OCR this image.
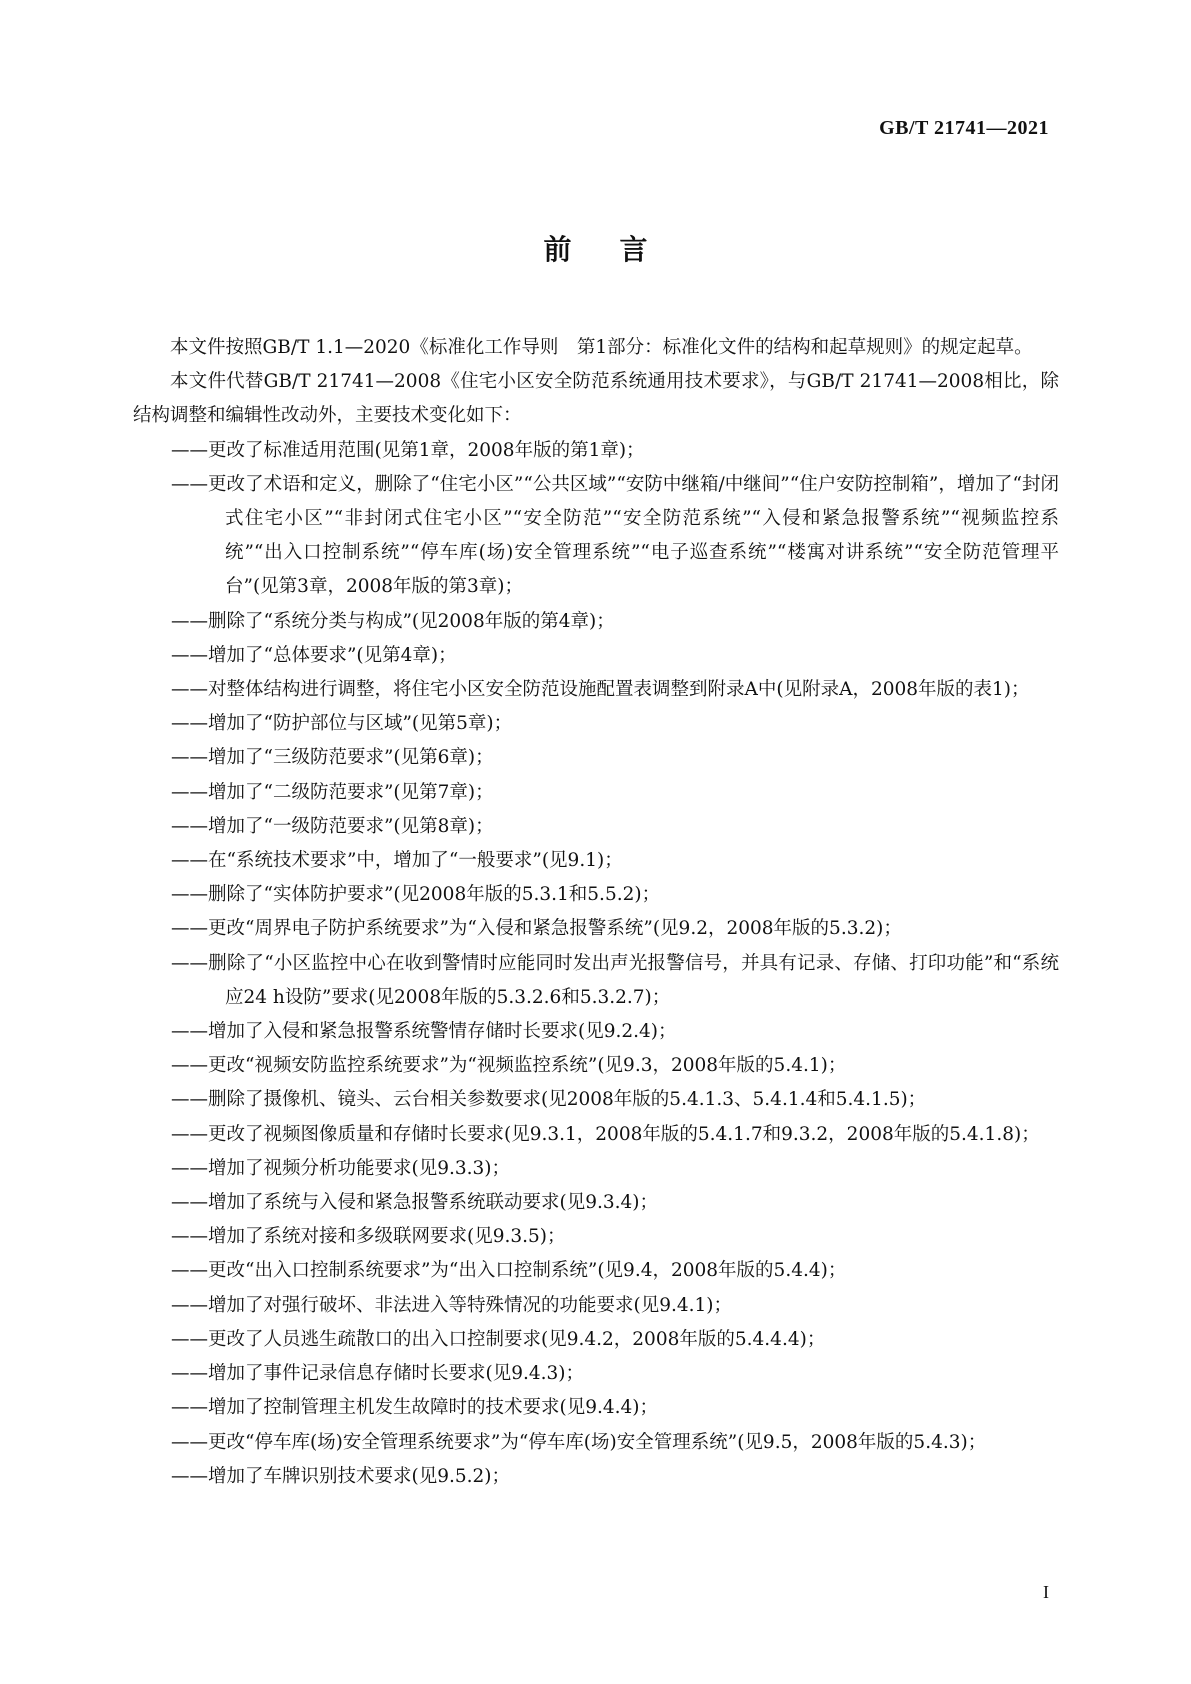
GB/T 21741—2021
前言

本文件按照GB/T 1.1—2020《标准化工作导则　第1部分：标准化文件的结构和起草规则》的规定起草。

本文件代替GB/T 21741—2008《住宅小区安全防范系统通用技术要求》，与GB/T 21741—2008相比，除结构调整和编辑性改动外，主要技术变化如下：

——更改了标准适用范围(见第1章，2008年版的第1章)；
——更改了术语和定义，删除了“住宅小区”“公共区域”“安防中继箱/中继间”“住户安防控制箱”，增加了“封闭式住宅小区”“非封闭式住宅小区”“安全防范”“安全防范系统”“入侵和紧急报警系统”“视频监控系统”“出入口控制系统”“停车库(场)安全管理系统”“电子巡查系统”“楼寓对讲系统”“安全防范管理平台”(见第3章，2008年版的第3章)；
——删除了“系统分类与构成”(见2008年版的第4章)；
——增加了“总体要求”(见第4章)；
——对整体结构进行调整，将住宅小区安全防范设施配置表调整到附录A中(见附录A，2008年版的表1)；
——增加了“防护部位与区域”(见第5章)；
——增加了“三级防范要求”(见第6章)；
——增加了“二级防范要求”(见第7章)；
——增加了“一级防范要求”(见第8章)；
——在“系统技术要求”中，增加了“一般要求”(见9.1)；
——删除了“实体防护要求”(见2008年版的5.3.1和5.5.2)；
——更改“周界电子防护系统要求”为“入侵和紧急报警系统”(见9.2，2008年版的5.3.2)；
——删除了“小区监控中心在收到警情时应能同时发出声光报警信号，并具有记录、存储、打印功能”和“系统应24 h设防”要求(见2008年版的5.3.2.6和5.3.2.7)；
——增加了入侵和紧急报警系统警情存储时长要求(见9.2.4)；
——更改“视频安防监控系统要求”为“视频监控系统”(见9.3，2008年版的5.4.1)；
——删除了摄像机、镜头、云台相关参数要求(见2008年版的5.4.1.3、5.4.1.4和5.4.1.5)；
——更改了视频图像质量和存储时长要求(见9.3.1，2008年版的5.4.1.7和9.3.2，2008年版的5.4.1.8)；
——增加了视频分析功能要求(见9.3.3)；
——增加了系统与入侵和紧急报警系统联动要求(见9.3.4)；
——增加了系统对接和多级联网要求(见9.3.5)；
——更改“出入口控制系统要求”为“出入口控制系统”(见9.4，2008年版的5.4.4)；
——增加了对强行破坏、非法进入等特殊情况的功能要求(见9.4.1)；
——更改了人员逃生疏散口的出入口控制要求(见9.4.2，2008年版的5.4.4.4)；
——增加了事件记录信息存储时长要求(见9.4.3)；
——增加了控制管理主机发生故障时的技术要求(见9.4.4)；
——更改“停车库(场)安全管理系统要求”为“停车库(场)安全管理系统”(见9.5，2008年版的5.4.3)；
——增加了车牌识别技术要求(见9.5.2)；
I
